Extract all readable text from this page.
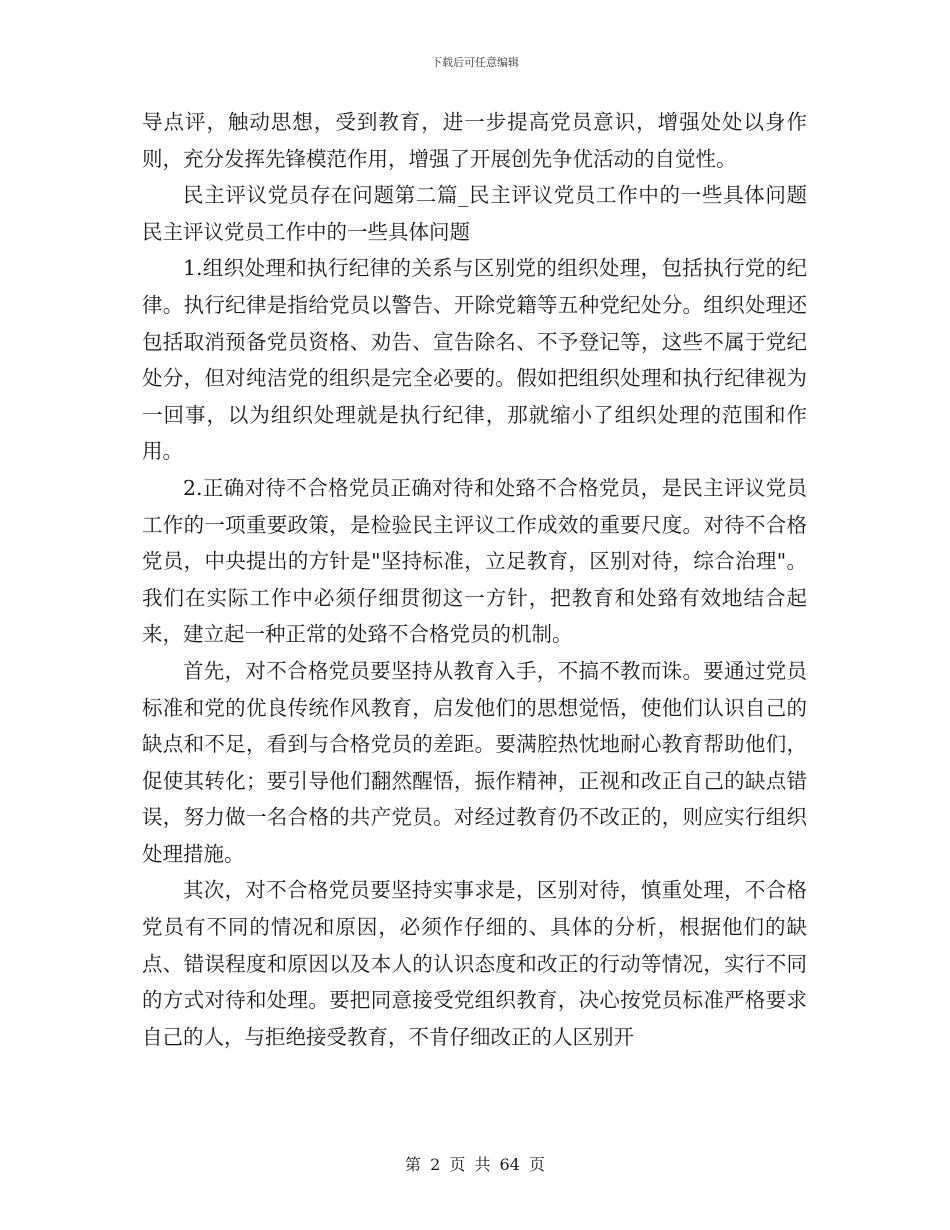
下载后可任意编辑

导点评，触动思想，受到教育，进一步提高党员意识，增强处处以身作则，充分发挥先锋模范作用，增强了开展创先争优活动的自觉性。

民主评议党员存在问题第二篇_民主评议党员工作中的一些具体问题民主评议党员工作中的一些具体问题

1.组织处理和执行纪律的关系与区别党的组织处理，包括执行党的纪律。执行纪律是指给党员以警告、开除党籍等五种党纪处分。组织处理还包括取消预备党员资格、劝告、宣告除名、不予登记等，这些不属于党纪处分，但对纯洁党的组织是完全必要的。假如把组织处理和执行纪律视为一回事，以为组织处理就是执行纪律，那就缩小了组织处理的范围和作用。

2.正确对待不合格党员正确对待和处臵不合格党员，是民主评议党员工作的一项重要政策，是检验民主评议工作成效的重要尺度。对待不合格党员，中央提出的方针是"坚持标准，立足教育，区别对待，综合治理"。我们在实际工作中必须仔细贯彻这一方针，把教育和处臵有效地结合起来，建立起一种正常的处臵不合格党员的机制。

首先，对不合格党员要坚持从教育入手，不搞不教而诛。要通过党员标准和党的优良传统作风教育，启发他们的思想觉悟，使他们认识自己的缺点和不足，看到与合格党员的差距。要满腔热忱地耐心教育帮助他们，促使其转化；要引导他们翻然醒悟，振作精神，正视和改正自己的缺点错误，努力做一名合格的共产党员。对经过教育仍不改正的，则应实行组织处理措施。

其次，对不合格党员要坚持实事求是，区别对待，慎重处理，不合格党员有不同的情况和原因，必须作仔细的、具体的分析，根据他们的缺点、错误程度和原因以及本人的认识态度和改正的行动等情况，实行不同的方式对待和处理。要把同意接受党组织教育，决心按党员标准严格要求自己的人，与拒绝接受教育，不肯仔细改正的人区别开

第 2 页 共 64 页
